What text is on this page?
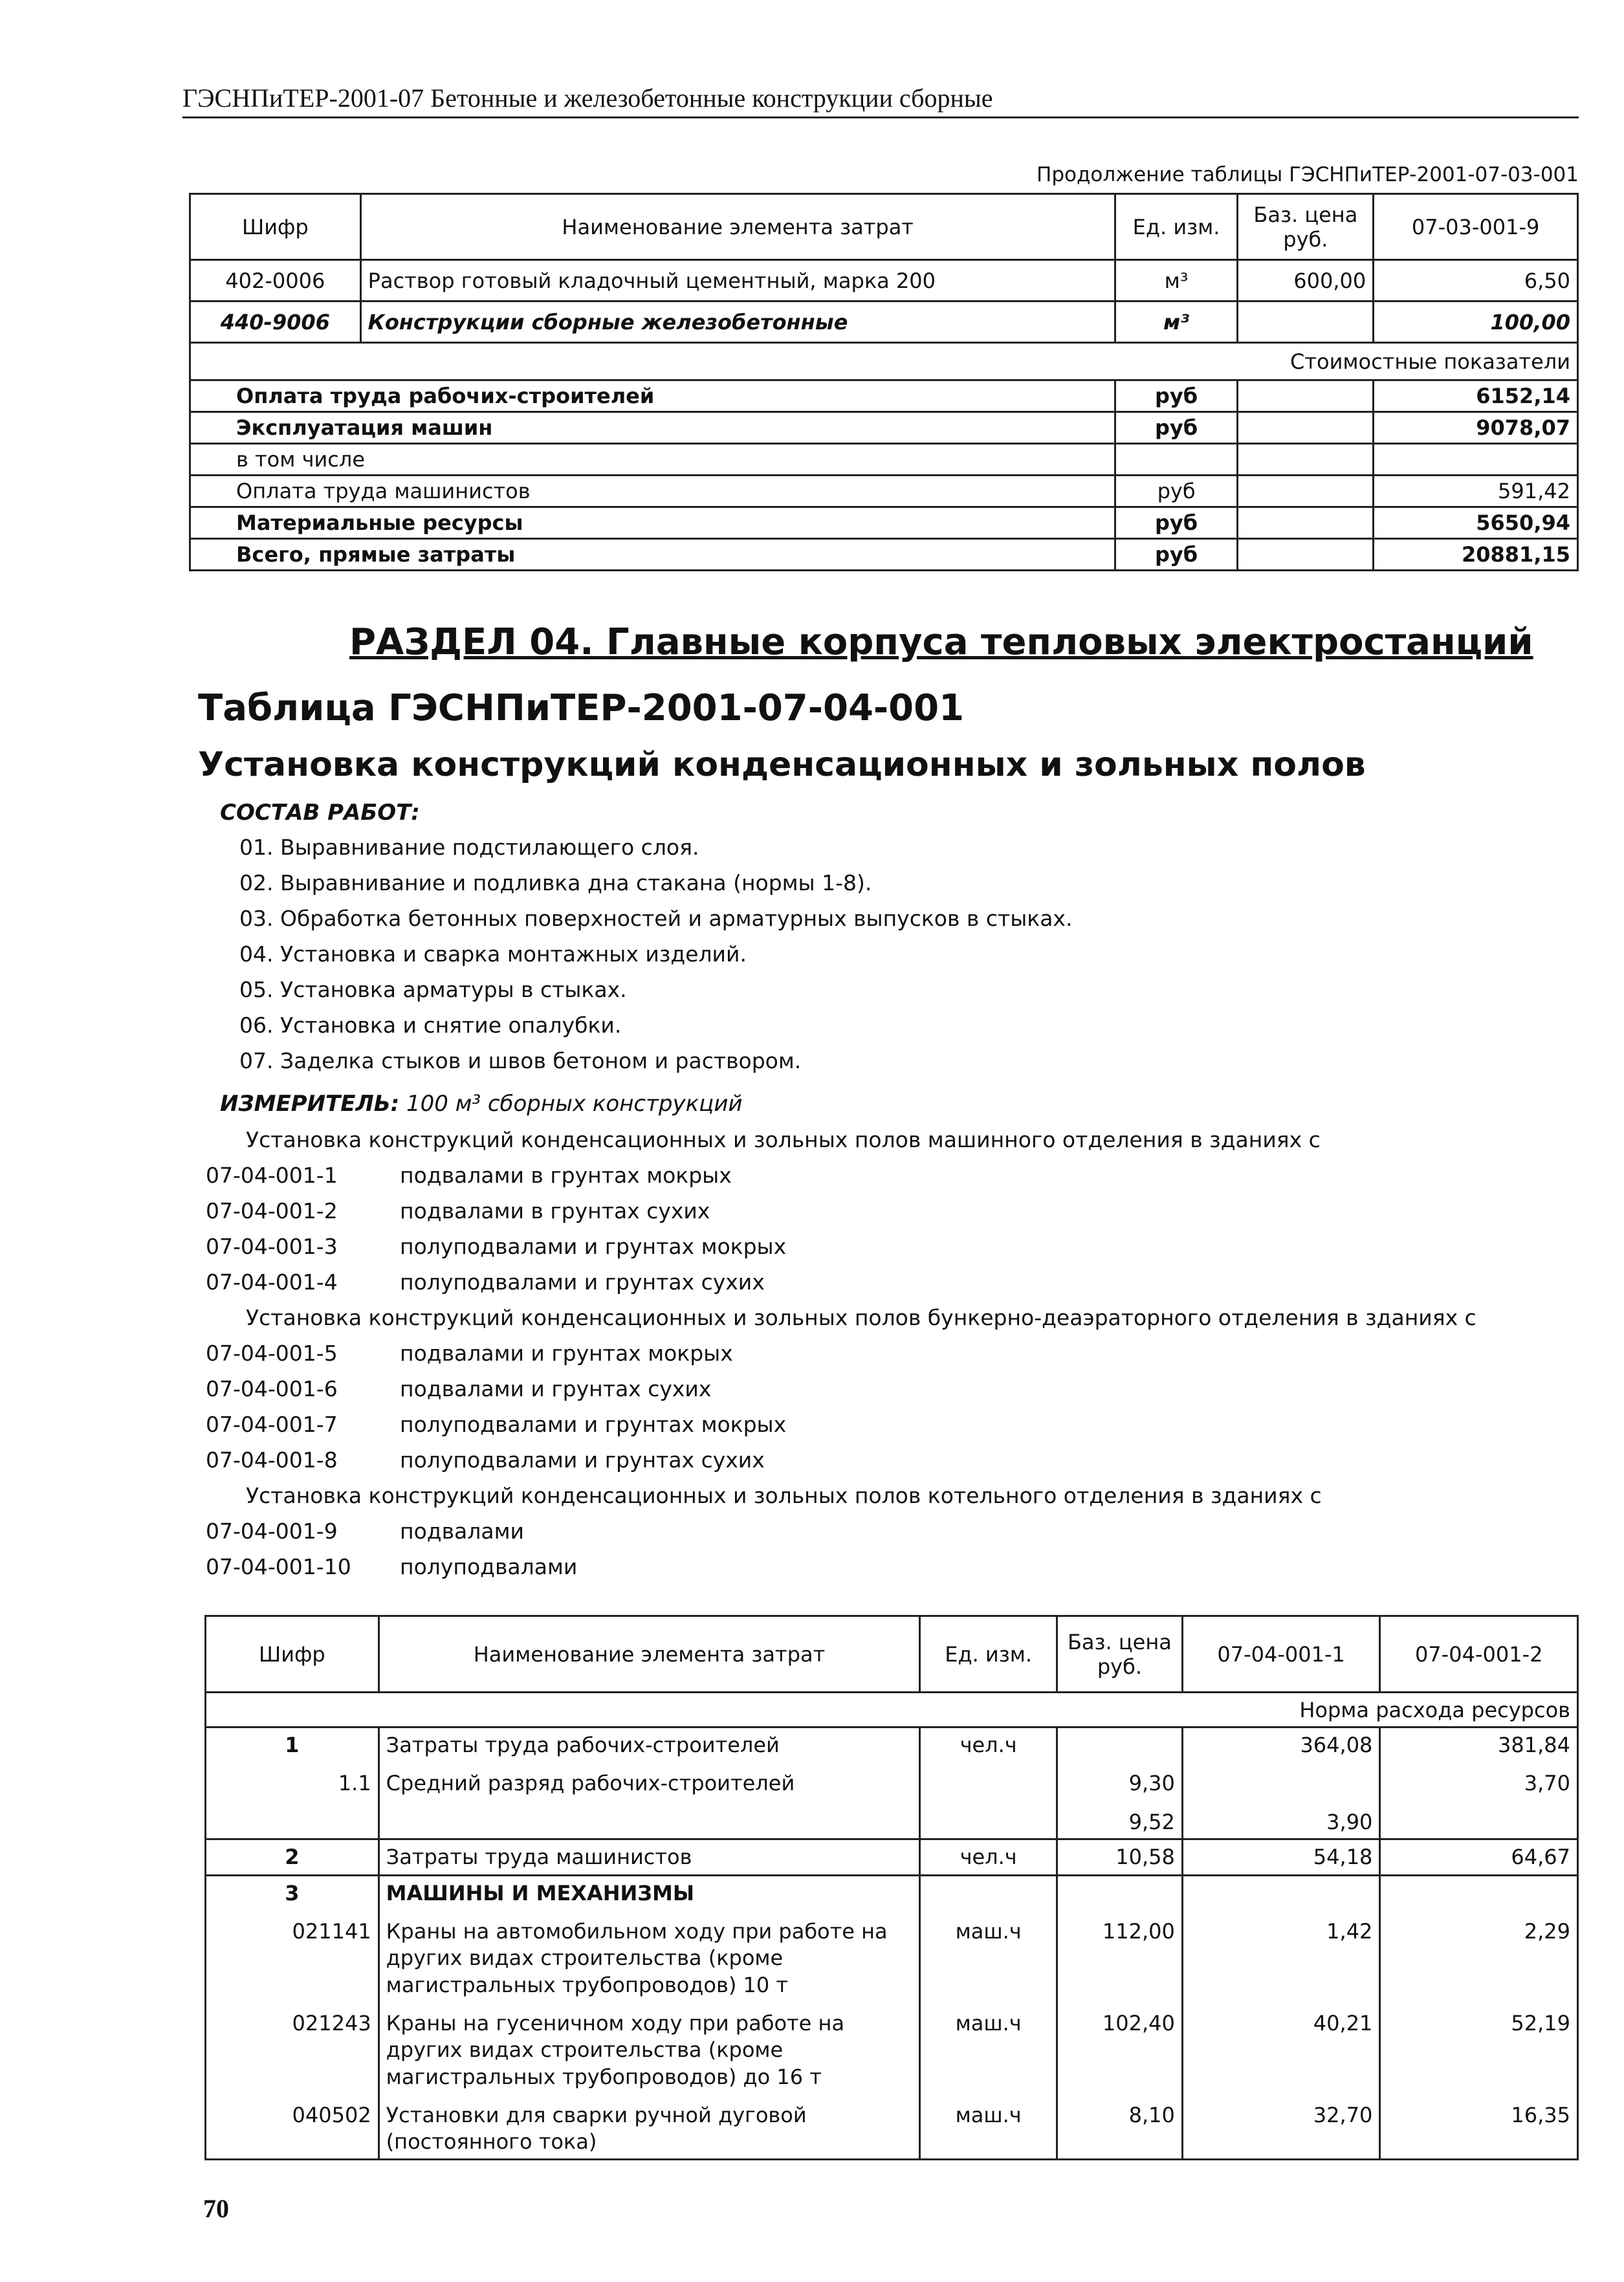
ГЭСНПиТЕР-2001-07 Бетонные и железобетонные конструкции сборные
Продолжение таблицы ГЭСНПиТЕР-2001-07-03-001
Шифр	Наименование элемента затрат	Ед. изм.	Баз. цена руб.	07-03-001-9
402-0006	Раствор готовый кладочный цементный, марка 200	м³	600,00	6,50
440-9006	Конструкции сборные железобетонные	м³		100,00
Стоимостные показатели				
Оплата труда рабочих-строителей		руб		6152,14
Эксплуатация машин		руб		9078,07
в том числе				
Оплата труда машинистов		руб		591,42
Материальные ресурсы		руб		5650,94
Всего, прямые затраты		руб		20881,15
РАЗДЕЛ 04. Главные корпуса тепловых электростанций
Таблица ГЭСНПиТЕР-2001-07-04-001
Установка конструкций конденсационных и зольных полов
СОСТАВ РАБОТ:
01. Выравнивание подстилающего слоя.
02. Выравнивание и подливка дна стакана (нормы 1-8).
03. Обработка бетонных поверхностей и арматурных выпусков в стыках.
04. Установка и сварка монтажных изделий.
05. Установка арматуры в стыках.
06. Установка и снятие опалубки.
07. Заделка стыков и швов бетоном и раствором.
ИЗМЕРИТЕЛЬ: 100 м³ сборных конструкций
Установка конструкций конденсационных и зольных полов машинного отделения в зданиях с
07-04-001-1	подвалами в грунтах мокрых
07-04-001-2	подвалами в грунтах сухих
07-04-001-3	полуподвалами и грунтах мокрых
07-04-001-4	полуподвалами и грунтах сухих
Установка конструкций конденсационных и зольных полов бункерно-деаэраторного отделения в зданиях с
07-04-001-5	подвалами и грунтах мокрых
07-04-001-6	подвалами и грунтах сухих
07-04-001-7	полуподвалами и грунтах мокрых
07-04-001-8	полуподвалами и грунтах сухих
Установка конструкций конденсационных и зольных полов котельного отделения в зданиях с
07-04-001-9	подвалами
07-04-001-10 полуподвалами
Шифр	Наименование элемента затрат	Ед. изм.	Баз. цена руб.	07-04-001-1	07-04-001-2
Норма расхода ресурсов					
1	Затраты труда рабочих-строителей	чел.ч		364,08	381,84
1.1	Средний разряд рабочих-строителей		9,30		3,70
			9,52	3,90	
2	Затраты труда машинистов	чел.ч	10,58	54,18	64,67
3	МАШИНЫ И МЕХАНИЗМЫ				
021141	Краны на автомобильном ходу при работе на других видах строительства (кроме магистральных трубопроводов) 10 т	маш.ч	112,00	1,42	2,29
021243	Краны на гусеничном ходу при работе на других видах строительства (кроме магистральных трубопроводов) до 16 т	маш.ч	102,40	40,21	52,19
040502	Установки для сварки ручной дуговой (постоянного тока)	маш.ч	8,10	32,70	16,35
70
